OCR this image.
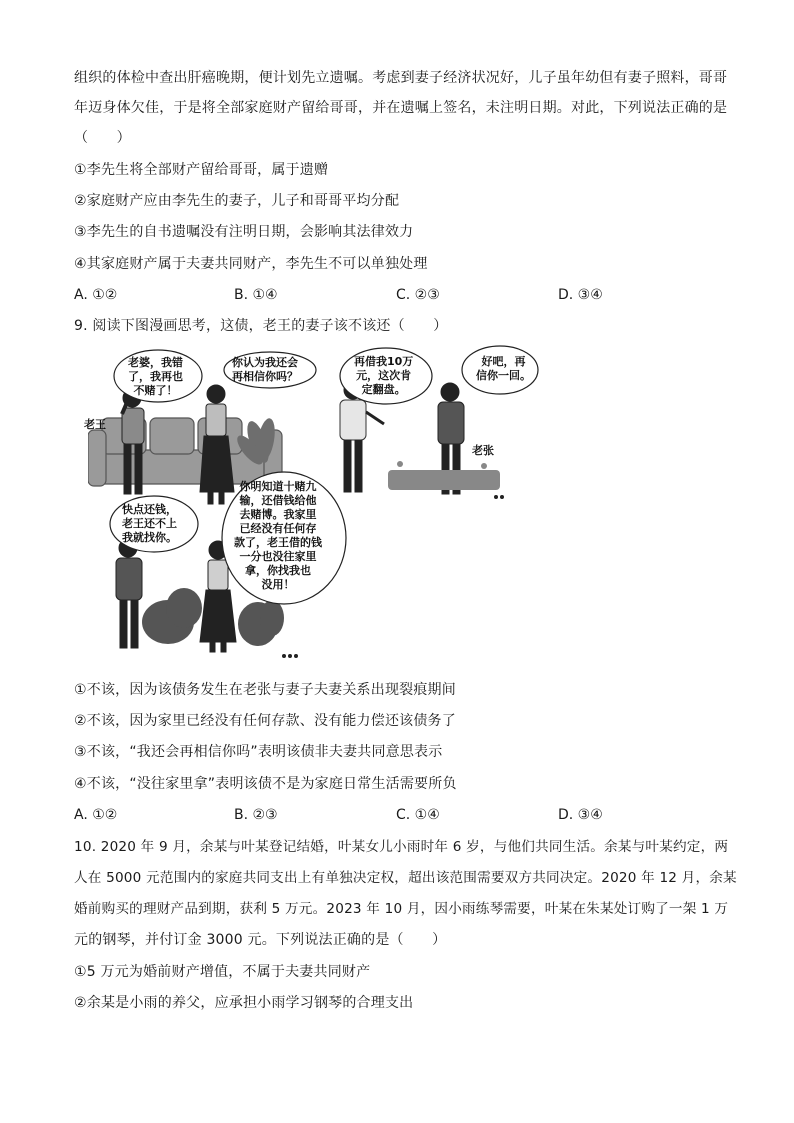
组织的体检中查出肝癌晚期，便计划先立遗嘱。考虑到妻子经济状况好，儿子虽年幼但有妻子照料，哥哥
年迈身体欠佳，于是将全部家庭财产留给哥哥，并在遗嘱上签名，未注明日期。对此，下列说法正确的是
（　　）
①李先生将全部财产留给哥哥，属于遗赠
②家庭财产应由李先生的妻子，儿子和哥哥平均分配
③李先生的自书遗嘱没有注明日期，会影响其法律效力
④其家庭财产属于夫妻共同财产，李先生不可以单独处理
A. ①②	B. ①④	C. ②③	D. ③④
9. 阅读下图漫画思考，这债，老王的妻子该不该还（　　）
老婆，我错
了，我再也
不赌了！
你认为我还会
再相信你吗？
再借我10万
元，这次肯
定翻盘。
好吧，再
信你一回。
快点还钱，
老王还不上
我就找你。
你明知道十赌九
输，还借钱给他
去赌博。我家里
已经没有任何存
款了，老王借的钱
一分也没往家里
拿，你找我也
没用！
老王
老张
①不该，因为该债务发生在老张与妻子夫妻关系出现裂痕期间
②不该，因为家里已经没有任何存款、没有能力偿还该债务了
③不该，“我还会再相信你吗”表明该债非夫妻共同意思表示
④不该，“没往家里拿”表明该债不是为家庭日常生活需要所负
A. ①②	B. ②③	C. ①④	D. ③④
10. 2020 年 9 月，余某与叶某登记结婚，叶某女儿小雨时年 6 岁，与他们共同生活。余某与叶某约定，两
人在 5000 元范围内的家庭共同支出上有单独决定权，超出该范围需要双方共同决定。2020 年 12 月，余某
婚前购买的理财产品到期，获利 5 万元。2023 年 10 月，因小雨练琴需要，叶某在朱某处订购了一架 1 万
元的钢琴，并付订金 3000 元。下列说法正确的是（　　）
①5 万元为婚前财产增值，不属于夫妻共同财产
②余某是小雨的养父，应承担小雨学习钢琴的合理支出
